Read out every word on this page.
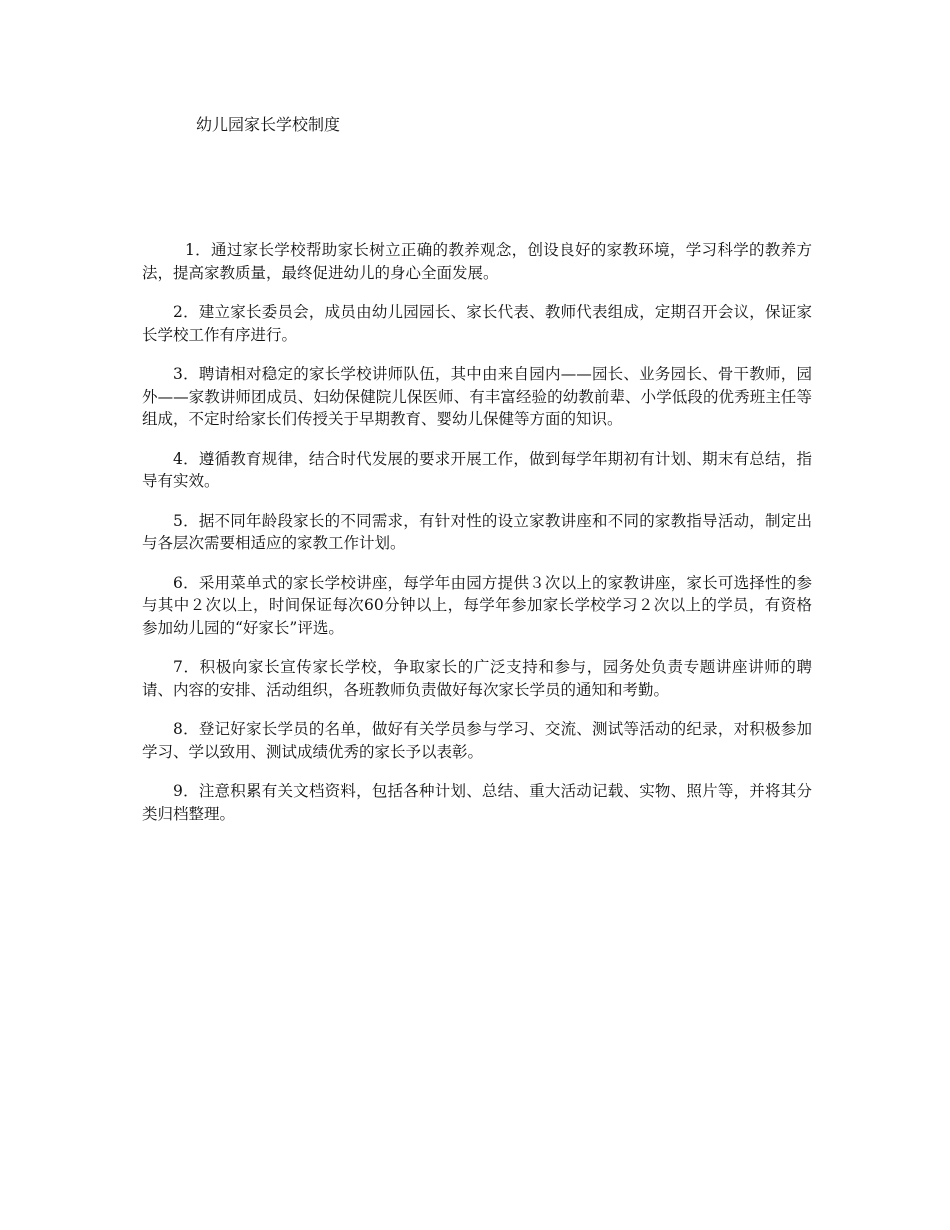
幼儿园家长学校制度

1．通过家长学校帮助家长树立正确的教养观念，创设良好的家教环境，学习科学的教养方法，提高家教质量，最终促进幼儿的身心全面发展。

2．建立家长委员会，成员由幼儿园园长、家长代表、教师代表组成，定期召开会议，保证家长学校工作有序进行。

3．聘请相对稳定的家长学校讲师队伍，其中由来自园内——园长、业务园长、骨干教师，园外——家教讲师团成员、妇幼保健院儿保医师、有丰富经验的幼教前辈、小学低段的优秀班主任等组成，不定时给家长们传授关于早期教育、婴幼儿保健等方面的知识。

4．遵循教育规律，结合时代发展的要求开展工作，做到每学年期初有计划、期末有总结，指导有实效。

5．据不同年龄段家长的不同需求，有针对性的设立家教讲座和不同的家教指导活动，制定出与各层次需要相适应的家教工作计划。

6．采用菜单式的家长学校讲座，每学年由园方提供３次以上的家教讲座，家长可选择性的参与其中２次以上，时间保证每次60分钟以上，每学年参加家长学校学习２次以上的学员，有资格参加幼儿园的“好家长”评选。

7．积极向家长宣传家长学校，争取家长的广泛支持和参与，园务处负责专题讲座讲师的聘请、内容的安排、活动组织，各班教师负责做好每次家长学员的通知和考勤。

8．登记好家长学员的名单，做好有关学员参与学习、交流、测试等活动的纪录，对积极参加学习、学以致用、测试成绩优秀的家长予以表彰。

9．注意积累有关文档资料，包括各种计划、总结、重大活动记载、实物、照片等，并将其分类归档整理。
